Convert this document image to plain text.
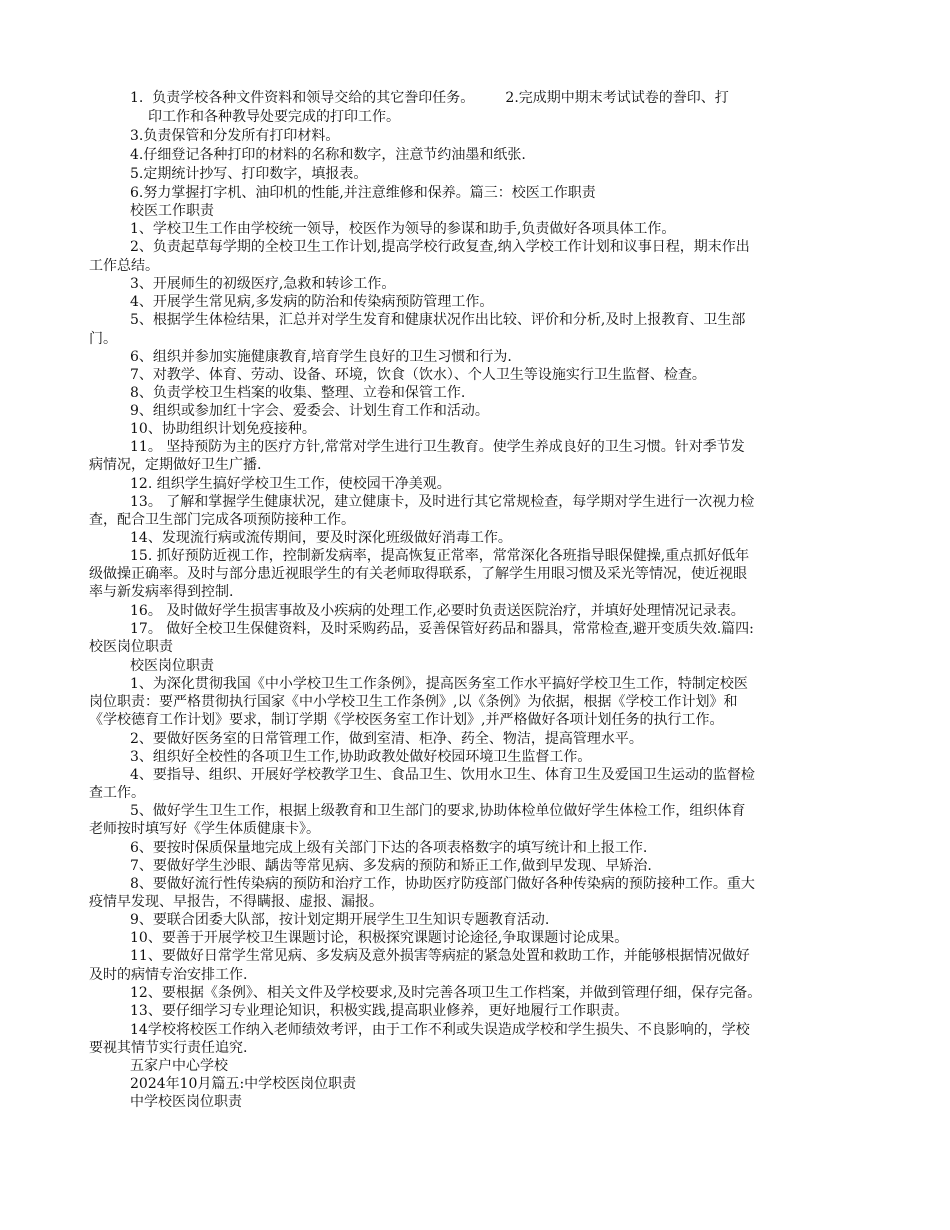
1.  负责学校各种文件资料和领导交给的其它誊印任务。       2.完成期中期末考试试卷的誊印、打
印工作和各种教导处要完成的打印工作。
3.负责保管和分发所有打印材料。
4.仔细登记各种打印的材料的名称和数字，注意节约油墨和纸张.
5.定期统计抄写、打印数字，填报表。
6.努力掌握打字机、油印机的性能,并注意维修和保养。篇三：校医工作职责
校医工作职责
1、学校卫生工作由学校统一领导，校医作为领导的参谋和助手,负责做好各项具体工作。
2、负责起草每学期的全校卫生工作计划,提高学校行政复查,纳入学校工作计划和议事日程，期末作出
工作总结。
3、开展师生的初级医疗,急救和转诊工作。
4、开展学生常见病,多发病的防治和传染病预防管理工作。
5、根据学生体检结果，汇总并对学生发育和健康状况作出比较、评价和分析,及时上报教育、卫生部
门。
6、组织并参加实施健康教育,培育学生良好的卫生习惯和行为.
7、对教学、体育、劳动、设备、环境，饮食（饮水）、个人卫生等设施实行卫生监督、检查。
8、负责学校卫生档案的收集、整理、立卷和保管工作.
9、组织或参加红十字会、爱委会、计划生育工作和活动。
10、协助组织计划免疫接种。
11。 坚持预防为主的医疗方针,常常对学生进行卫生教育。使学生养成良好的卫生习惯。针对季节发
病情况，定期做好卫生广播.
12. 组织学生搞好学校卫生工作，使校园干净美观。
13。 了解和掌握学生健康状况，建立健康卡，及时进行其它常规检查，每学期对学生进行一次视力检
查，配合卫生部门完成各项预防接种工作。
14、发现流行病或流传期间，要及时深化班级做好消毒工作。
15. 抓好预防近视工作，控制新发病率，提高恢复正常率，常常深化各班指导眼保健操,重点抓好低年
级做操正确率。及时与部分患近视眼学生的有关老师取得联系，了解学生用眼习惯及采光等情况，使近视眼
率与新发病率得到控制.
16。 及时做好学生损害事故及小疾病的处理工作,必要时负责送医院治疗，并填好处理情况记录表。
17。 做好全校卫生保健资料，及时采购药品，妥善保管好药品和器具，常常检查,避开变质失效.篇四:
校医岗位职责
校医岗位职责
1、为深化贯彻我国《中小学校卫生工作条例》，提高医务室工作水平搞好学校卫生工作，特制定校医
岗位职责：要严格贯彻执行国家《中小学校卫生工作条例》,以《条例》为依据，根据《学校工作计划》和
《学校德育工作计划》要求，制订学期《学校医务室工作计划》,并严格做好各项计划任务的执行工作。
2、要做好医务室的日常管理工作，做到室清、柜净、药全、物洁，提高管理水平。
3、组织好全校性的各项卫生工作,协助政教处做好校园环境卫生监督工作。
4、要指导、组织、开展好学校教学卫生、食品卫生、饮用水卫生、体育卫生及爱国卫生运动的监督检
查工作。
5、做好学生卫生工作，根据上级教育和卫生部门的要求,协助体检单位做好学生体检工作，组织体育
老师按时填写好《学生体质健康卡》。
6、要按时保质保量地完成上级有关部门下达的各项表格数字的填写统计和上报工作.
7、要做好学生沙眼、龋齿等常见病、多发病的预防和矫正工作,做到早发现、早矫治.
8、要做好流行性传染病的预防和治疗工作，协助医疗防疫部门做好各种传染病的预防接种工作。重大
疫情早发现、早报告，不得瞒报、虚报、漏报。
9、要联合团委大队部，按计划定期开展学生卫生知识专题教育活动.
10、要善于开展学校卫生课题讨论，积极探究课题讨论途径,争取课题讨论成果。
11、要做好日常学生常见病、多发病及意外损害等病症的紧急处置和救助工作，并能够根据情况做好
及时的病情专治安排工作.
12、要根据《条例》、相关文件及学校要求,及时完善各项卫生工作档案，并做到管理仔细，保存完备。
13、要仔细学习专业理论知识，积极实践,提高职业修养，更好地履行工作职责。
14学校将校医工作纳入老师绩效考评，由于工作不利或失误造成学校和学生损失、不良影响的，学校
要视其情节实行责任追究.
五家户中心学校
2024年10月篇五:中学校医岗位职责
中学校医岗位职责
